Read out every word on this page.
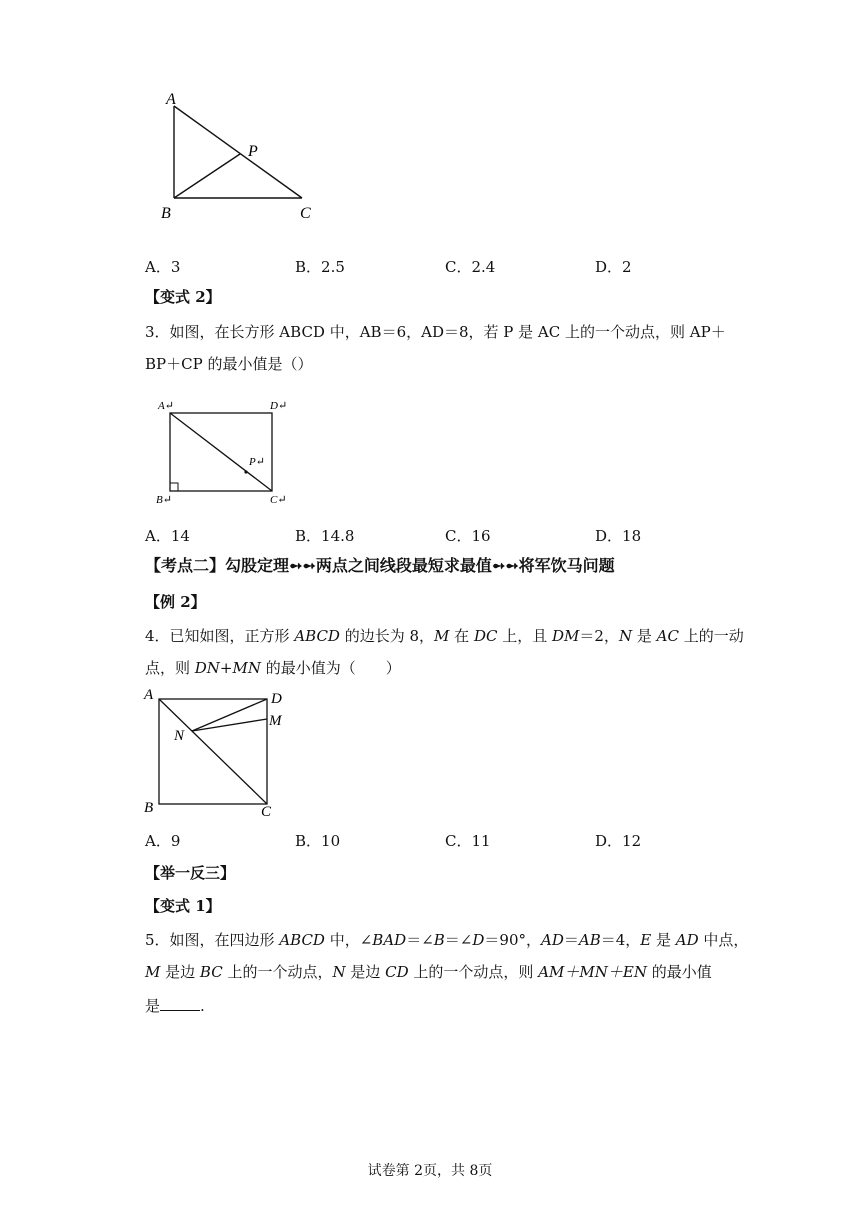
A
P
B	C
A．3	B．2.5	C．2.4	D．2
【变式 2】
3．如图，在长方形 ABCD 中，AB＝6，AD＝8，若 P 是 AC 上的一个动点，则 AP＋
BP＋CP 的最小值是（）
A↵	D↵
P↵
B↵	C↵
A．14	B．14.8	C．16	D．18
【考点二】勾股定理➻➻两点之间线段最短求最值➻➻将军饮马问题
【例 2】
4．已知如图，正方形 ABCD 的边长为 8，M 在 DC 上，且 DM＝2，N 是 AC 上的一动
点，则 DN+MN 的最小值为（　　）
A	D
M
N
B	C
A．9	B．10	C．11	D．12
【举一反三】
【变式 1】
5．如图，在四边形 ABCD 中，∠BAD＝∠B＝∠D＝90°，AD＝AB＝4，E 是 AD 中点，
M 是边 BC 上的一个动点，N 是边 CD 上的一个动点，则 AM＋MN＋EN 的最小值
是	.
试卷第 2页，共 8页
